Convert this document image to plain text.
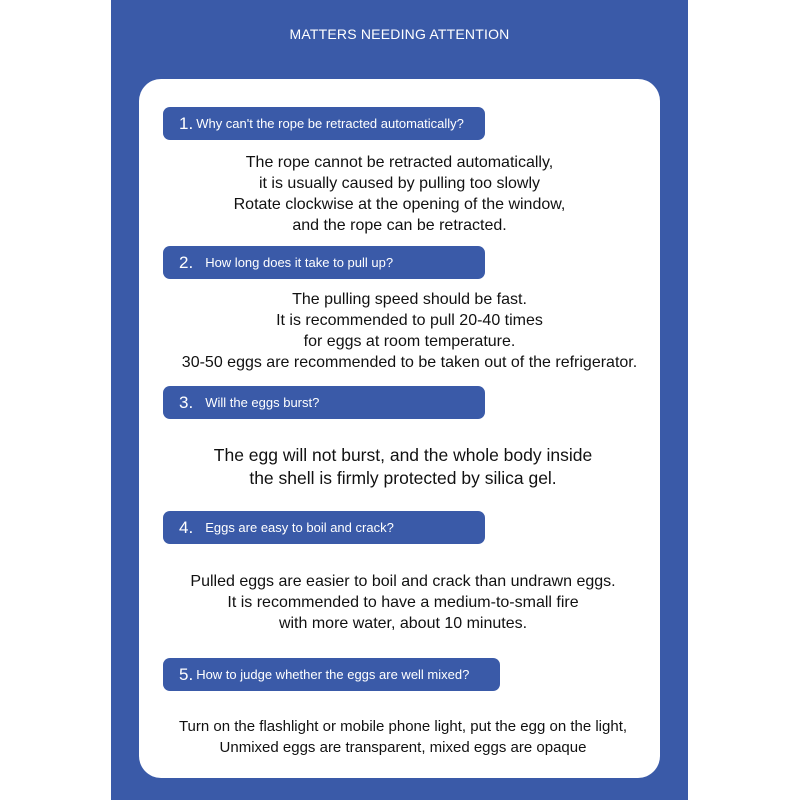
MATTERS NEEDING ATTENTION
1. Why can't the rope be retracted automatically?
The rope cannot be retracted automatically,
it is usually caused by pulling too slowly
Rotate clockwise at the opening of the window,
and the rope can be retracted.
2. How long does it take to pull up?
The pulling speed should be fast.
It is recommended to pull 20-40 times
for eggs at room temperature.
30-50 eggs are recommended to be taken out of the refrigerator.
3. Will the eggs burst?
The egg will not burst, and the whole body inside
the shell is firmly protected by silica gel.
4. Eggs are easy to boil and crack?
Pulled eggs are easier to boil and crack than undrawn eggs.
It is recommended to have a medium-to-small fire
with more water, about 10 minutes.
5. How to judge whether the eggs are well mixed?
Turn on the flashlight or mobile phone light, put the egg on the light,
Unmixed eggs are transparent, mixed eggs are opaque
